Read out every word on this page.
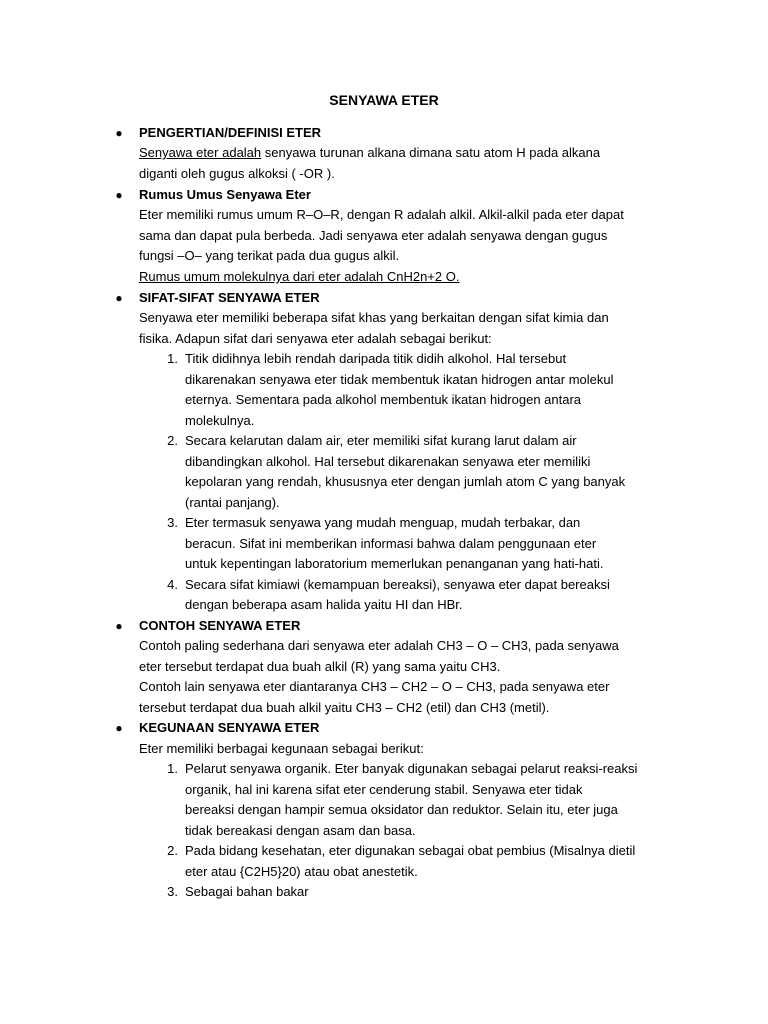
SENYAWA ETER
● PENGERTIAN/DEFINISI ETER
Senyawa eter adalah senyawa turunan alkana dimana satu atom H pada alkana
diganti oleh gugus alkoksi ( -OR ).
● Rumus Umus Senyawa Eter
Eter memiliki rumus umum R–O–R, dengan R adalah alkil. Alkil-alkil pada eter dapat
sama dan dapat pula berbeda. Jadi senyawa eter adalah senyawa dengan gugus
fungsi –O– yang terikat pada dua gugus alkil.
Rumus umum molekulnya dari eter adalah CnH2n+2 O.
● SIFAT-SIFAT SENYAWA ETER
Senyawa eter memiliki beberapa sifat khas yang berkaitan dengan sifat kimia dan
fisika. Adapun sifat dari senyawa eter adalah sebagai berikut:
1. Titik didihnya lebih rendah daripada titik didih alkohol. Hal tersebut
dikarenakan senyawa eter tidak membentuk ikatan hidrogen antar molekul
eternya. Sementara pada alkohol membentuk ikatan hidrogen antara
molekulnya.
2. Secara kelarutan dalam air, eter memiliki sifat kurang larut dalam air
dibandingkan alkohol. Hal tersebut dikarenakan senyawa eter memiliki
kepolaran yang rendah, khususnya eter dengan jumlah atom C yang banyak
(rantai panjang).
3. Eter termasuk senyawa yang mudah menguap, mudah terbakar, dan
beracun. Sifat ini memberikan informasi bahwa dalam penggunaan eter
untuk kepentingan laboratorium memerlukan penanganan yang hati-hati.
4. Secara sifat kimiawi (kemampuan bereaksi), senyawa eter dapat bereaksi
dengan beberapa asam halida yaitu HI dan HBr.
● CONTOH SENYAWA ETER
Contoh paling sederhana dari senyawa eter adalah CH3 – O – CH3, pada senyawa
eter tersebut terdapat dua buah alkil (R) yang sama yaitu CH3.
Contoh lain senyawa eter diantaranya CH3 – CH2 – O – CH3, pada senyawa eter
tersebut terdapat dua buah alkil yaitu CH3 – CH2 (etil) dan CH3 (metil).
● KEGUNAAN SENYAWA ETER
Eter memiliki berbagai kegunaan sebagai berikut:
1. Pelarut senyawa organik. Eter banyak digunakan sebagai pelarut reaksi-reaksi
organik, hal ini karena sifat eter cenderung stabil. Senyawa eter tidak
bereaksi dengan hampir semua oksidator dan reduktor. Selain itu, eter juga
tidak bereakasi dengan asam dan basa.
2. Pada bidang kesehatan, eter digunakan sebagai obat pembius (Misalnya dietil
eter atau {C2H5}20) atau obat anestetik.
3. Sebagai bahan bakar
